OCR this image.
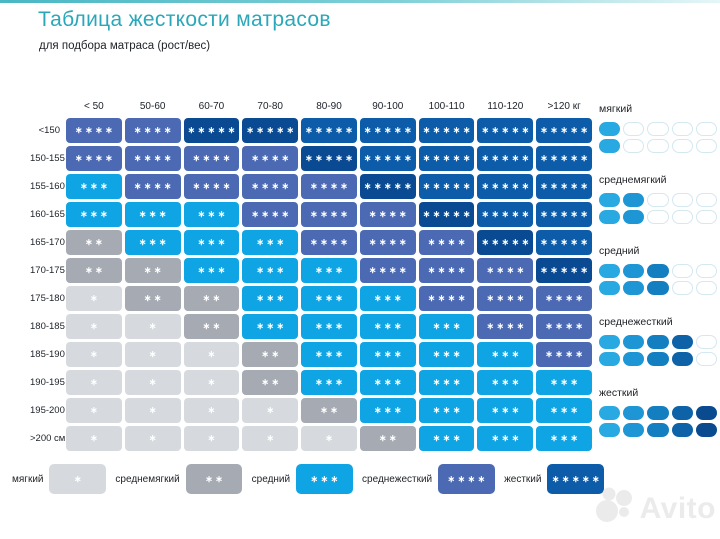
Таблица жесткости матрасов
для подбора матраса (рост/вес)
< 50	50-60	60-70	70-80	80-90	90-100	100-110	110-120	>120 кг
<150	∗∗∗∗	∗∗∗∗	∗∗∗∗∗ ∗∗∗∗∗ ∗∗∗∗∗ ∗∗∗∗∗ ∗∗∗∗∗ ∗∗∗∗∗ ∗∗∗∗∗
150-155	∗∗∗∗	∗∗∗∗	∗∗∗∗	∗∗∗∗	∗∗∗∗∗ ∗∗∗∗∗ ∗∗∗∗∗ ∗∗∗∗∗ ∗∗∗∗∗
155-160	∗∗∗	∗∗∗∗	∗∗∗∗	∗∗∗∗	∗∗∗∗	∗∗∗∗∗ ∗∗∗∗∗ ∗∗∗∗∗ ∗∗∗∗∗
160-165	∗∗∗	∗∗∗	∗∗∗	∗∗∗∗	∗∗∗∗	∗∗∗∗	∗∗∗∗∗ ∗∗∗∗∗ ∗∗∗∗∗
165-170	∗∗	∗∗∗	∗∗∗	∗∗∗	∗∗∗∗	∗∗∗∗	∗∗∗∗	∗∗∗∗∗ ∗∗∗∗∗
170-175	∗∗	∗∗	∗∗∗	∗∗∗	∗∗∗	∗∗∗∗	∗∗∗∗	∗∗∗∗	∗∗∗∗∗
175-180	∗	∗∗	∗∗	∗∗∗	∗∗∗	∗∗∗	∗∗∗∗	∗∗∗∗	∗∗∗∗
180-185	∗	∗	∗∗	∗∗∗	∗∗∗	∗∗∗	∗∗∗	∗∗∗∗	∗∗∗∗
185-190	∗	∗	∗	∗∗	∗∗∗	∗∗∗	∗∗∗	∗∗∗	∗∗∗∗
190-195	∗	∗	∗	∗∗	∗∗∗	∗∗∗	∗∗∗	∗∗∗	∗∗∗
195-200	∗	∗	∗	∗	∗∗	∗∗∗	∗∗∗	∗∗∗	∗∗∗
>200 см	∗	∗	∗	∗	∗	∗∗	∗∗∗	∗∗∗	∗∗∗
мягкий
среднемягкий
средний
среднежесткий
жесткий
мягкий	∗	среднемягкий	∗∗	средний	∗∗∗	среднежесткий	∗∗∗∗	жесткий	∗∗∗∗∗
Avito
